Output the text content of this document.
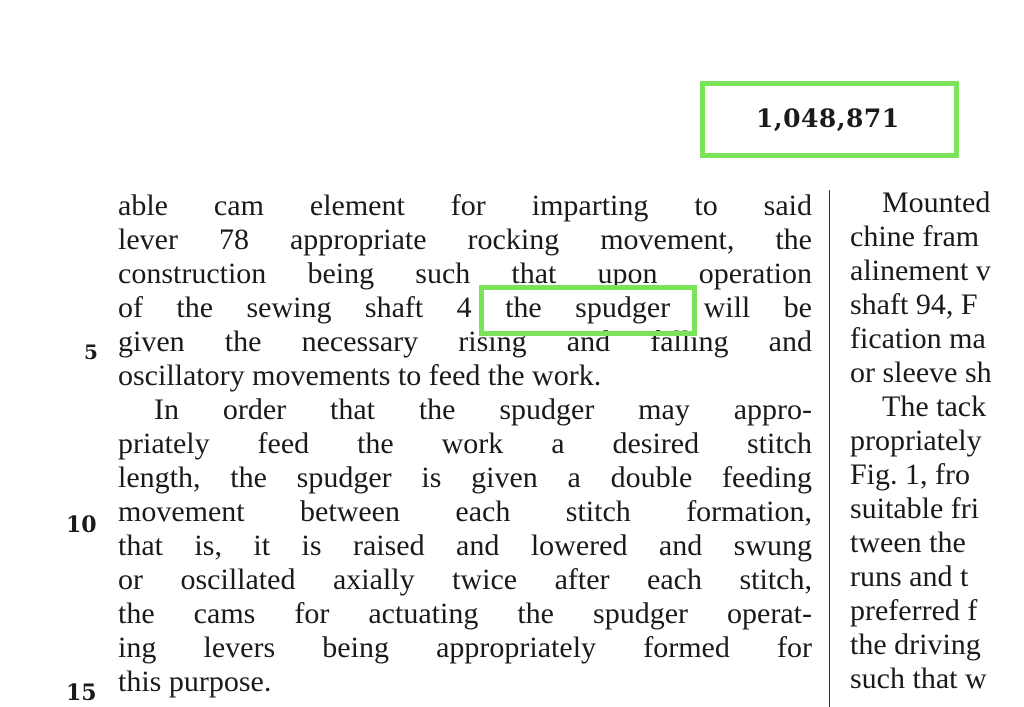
1,048,871
able cam element for imparting to said
lever 78 appropriate rocking movement, the
construction being such that upon operation
of the sewing shaft 4 the spudger will be
given the necessary rising and falling and
oscillatory movements to feed the work.
In order that the spudger may appro-
priately feed the work a desired stitch
length, the spudger is given a double feeding
movement between each stitch formation,
that is, it is raised and lowered and swung
or oscillated axially twice after each stitch,
the cams for actuating the spudger operat-
ing levers being appropriately formed for
this purpose.
Mounted
chine fram
alinement v
shaft 94, F
fication ma
or sleeve sh
The tack
propriately
Fig. 1, fro
suitable fri
tween the
runs and t
preferred f
the driving
such that w
5
10
15
